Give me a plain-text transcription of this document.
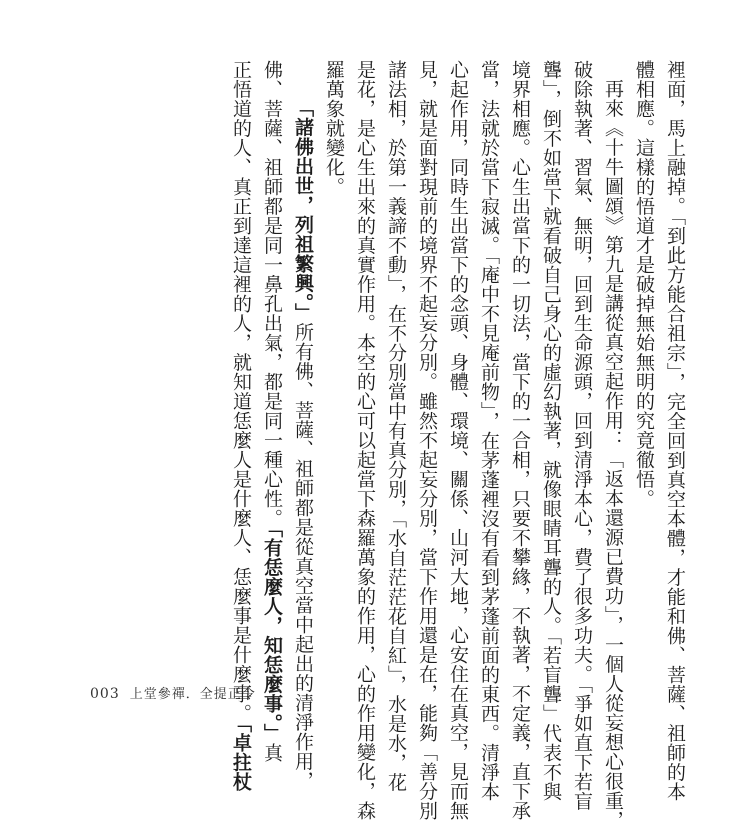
裡面，馬上融掉。「到此方能合祖宗」，完全回到真空本體，才能和佛、菩薩、祖師的本

體相應。這樣的悟道才是破掉無始無明的究竟徹悟。

再來《十牛圖頌》第九是講從真空起作用：「返本還源已費功」，一個人從妄想心很重，

破除執著、習氣、無明，回到生命源頭，回到清淨本心，費了很多功夫。「爭如直下若盲

聾」，倒不如當下就看破自己身心的虛幻執著，就像眼睛耳聾的人。「若盲聾」代表不與

境界相應。心生出當下的一切法，當下的一合相，只要不攀緣，不執著，不定義，直下承

當，法就於當下寂滅。「庵中不見庵前物」，在茅蓬裡沒有看到茅蓬前面的東西。清淨本

心起作用，同時生出當下的念頭、身體、環境、關係、山河大地，心安住在真空，見而無

見，就是面對現前的境界不起妄分別。雖然不起妄分別，當下作用還是在，能夠「善分別

諸法相，於第一義諦不動」，在不分別當中有真分別，「水自茫茫花自紅」，水是水，花

是花，是心生出來的真實作用。本空的心可以起當下森羅萬象的作用，心的作用變化，森

羅萬象就變化。

「諸佛出世，列祖繁興。」所有佛、菩薩、祖師都是從真空當中起出的清淨作用，

佛、菩薩、祖師都是同一鼻孔出氣，都是同一種心性。「有恁麼人，知恁麼事。」真

正悟道的人、真正到達這裡的人，就知道恁麼人是什麼人、恁麼事是什麼事。「卓拄杖

003 上堂參禪．全提正令
